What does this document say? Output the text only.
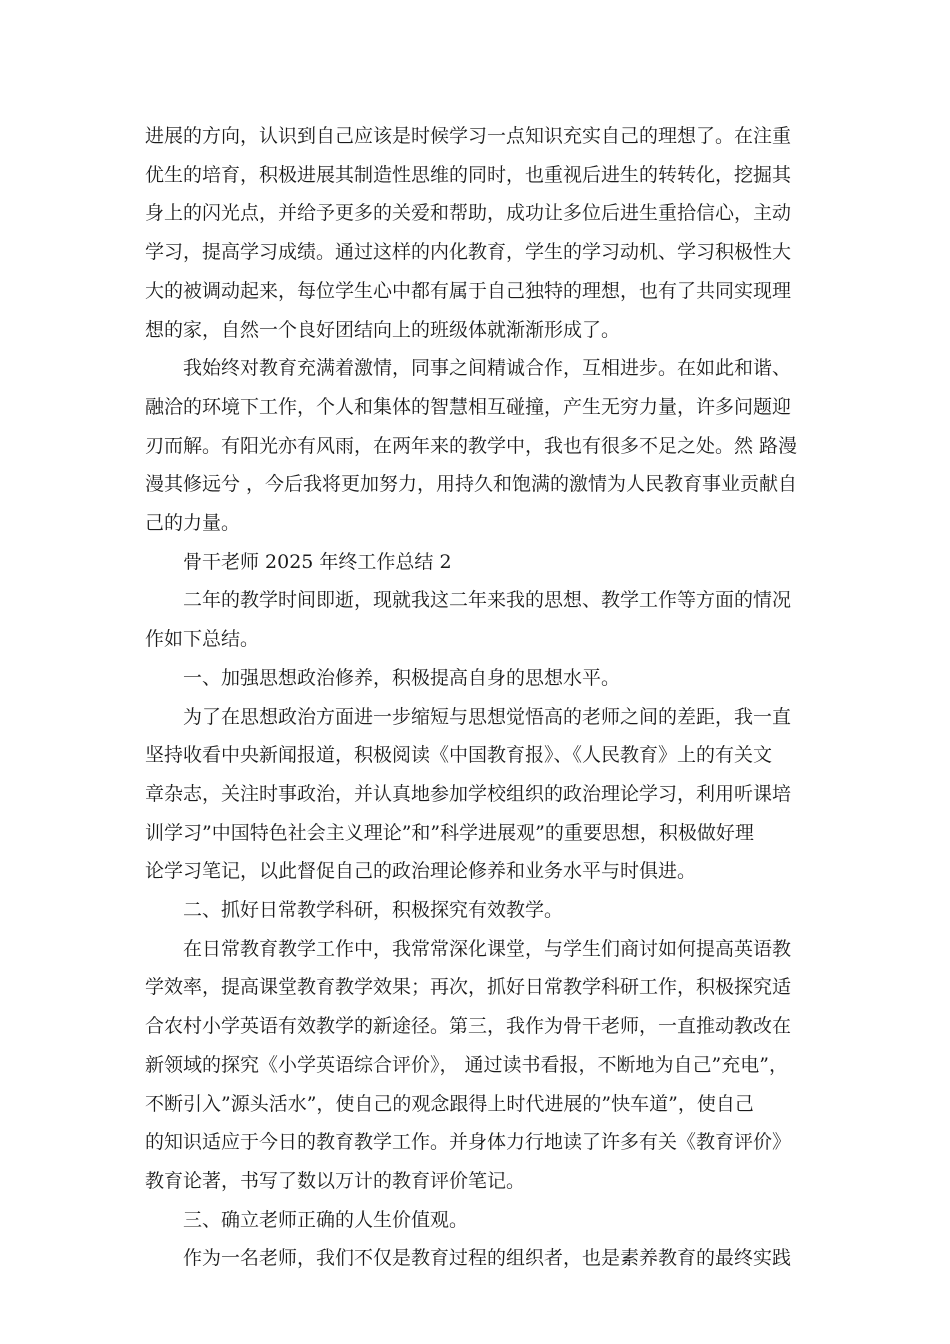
进展的方向，认识到自己应该是时候学习一点知识充实自己的理想了。在注重
优生的培育，积极进展其制造性思维的同时，也重视后进生的转转化，挖掘其
身上的闪光点，并给予更多的关爱和帮助，成功让多位后进生重拾信心，主动
学习，提高学习成绩。通过这样的内化教育，学生的学习动机、学习积极性大
大的被调动起来，每位学生心中都有属于自己独特的理想，也有了共同实现理
想的家，自然一个良好团结向上的班级体就渐渐形成了。
我始终对教育充满着激情，同事之间精诚合作，互相进步。在如此和谐、
融洽的环境下工作，个人和集体的智慧相互碰撞，产生无穷力量，许多问题迎
刃而解。有阳光亦有风雨，在两年来的教学中，我也有很多不足之处。然 路漫
漫其修远兮 ，今后我将更加努力，用持久和饱满的激情为人民教育事业贡献自
己的力量。
骨干老师 2025 年终工作总结 2
二年的教学时间即逝，现就我这二年来我的思想、教学工作等方面的情况
作如下总结。
一、加强思想政治修养，积极提高自身的思想水平。
为了在思想政治方面进一步缩短与思想觉悟高的老师之间的差距，我一直
坚持收看中央新闻报道，积极阅读《中国教育报》、《人民教育》上的有关文
章杂志，关注时事政治，并认真地参加学校组织的政治理论学习，利用听课培
训学习”中国特色社会主义理论”和”科学进展观”的重要思想，积极做好理
论学习笔记，以此督促自己的政治理论修养和业务水平与时俱进。
二、抓好日常教学科研，积极探究有效教学。
在日常教育教学工作中，我常常深化课堂，与学生们商讨如何提高英语教
学效率，提高课堂教育教学效果；再次，抓好日常教学科研工作，积极探究适
合农村小学英语有效教学的新途径。第三，我作为骨干老师，一直推动教改在
新领域的探究《小学英语综合评价》， 通过读书看报，不断地为自己”充电”，
不断引入”源头活水”，使自己的观念跟得上时代进展的”快车道”，使自己
的知识适应于今日的教育教学工作。并身体力行地读了许多有关《教育评价》
教育论著，书写了数以万计的教育评价笔记。
三、确立老师正确的人生价值观。
作为一名老师，我们不仅是教育过程的组织者，也是素养教育的最终实践
